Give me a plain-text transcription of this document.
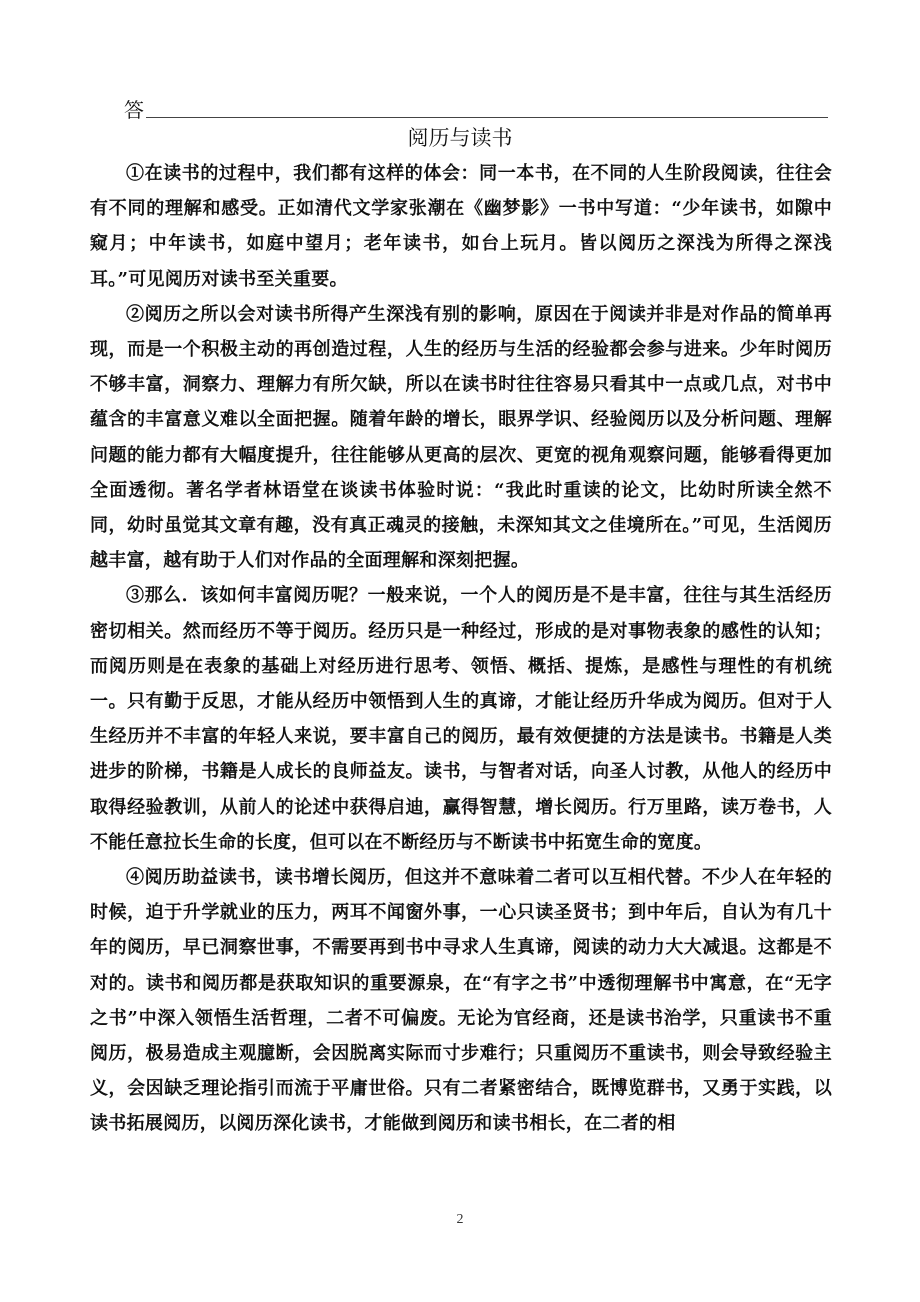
答
阅历与读书

①在读书的过程中，我们都有这样的体会：同一本书，在不同的人生阶段阅读，往往会有不同的理解和感受。正如清代文学家张潮在《幽梦影》一书中写道：“少年读书，如隙中窥月；中年读书，如庭中望月；老年读书，如台上玩月。皆以阅历之深浅为所得之深浅耳。”可见阅历对读书至关重要。

②阅历之所以会对读书所得产生深浅有别的影响，原因在于阅读并非是对作品的简单再现，而是一个积极主动的再创造过程，人生的经历与生活的经验都会参与进来。少年时阅历不够丰富，洞察力、理解力有所欠缺，所以在读书时往往容易只看其中一点或几点，对书中蕴含的丰富意义难以全面把握。随着年龄的增长，眼界学识、经验阅历以及分析问题、理解问题的能力都有大幅度提升，往往能够从更高的层次、更宽的视角观察问题，能够看得更加全面透彻。著名学者林语堂在谈读书体验时说：“我此时重读的论文，比幼时所读全然不同，幼时虽觉其文章有趣，没有真正魂灵的接触，未深知其文之佳境所在。”可见，生活阅历越丰富，越有助于人们对作品的全面理解和深刻把握。

③那么．该如何丰富阅历呢？一般来说，一个人的阅历是不是丰富，往往与其生活经历密切相关。然而经历不等于阅历。经历只是一种经过，形成的是对事物表象的感性的认知；而阅历则是在表象的基础上对经历进行思考、领悟、概括、提炼，是感性与理性的有机统一。只有勤于反思，才能从经历中领悟到人生的真谛，才能让经历升华成为阅历。但对于人生经历并不丰富的年轻人来说，要丰富自己的阅历，最有效便捷的方法是读书。书籍是人类进步的阶梯，书籍是人成长的良师益友。读书，与智者对话，向圣人讨教，从他人的经历中取得经验教训，从前人的论述中获得启迪，赢得智慧，增长阅历。行万里路，读万卷书，人不能任意拉长生命的长度，但可以在不断经历与不断读书中拓宽生命的宽度。

④阅历助益读书，读书增长阅历，但这并不意味着二者可以互相代替。不少人在年轻的时候，迫于升学就业的压力，两耳不闻窗外事，一心只读圣贤书；到中年后，自认为有几十年的阅历，早已洞察世事，不需要再到书中寻求人生真谛，阅读的动力大大减退。这都是不对的。读书和阅历都是获取知识的重要源泉，在“有字之书”中透彻理解书中寓意，在“无字之书”中深入领悟生活哲理，二者不可偏废。无论为官经商，还是读书治学，只重读书不重阅历，极易造成主观臆断，会因脱离实际而寸步难行；只重阅历不重读书，则会导致经验主义，会因缺乏理论指引而流于平庸世俗。只有二者紧密结合，既博览群书，又勇于实践，以读书拓展阅历，以阅历深化读书，才能做到阅历和读书相长，在二者的相

2
